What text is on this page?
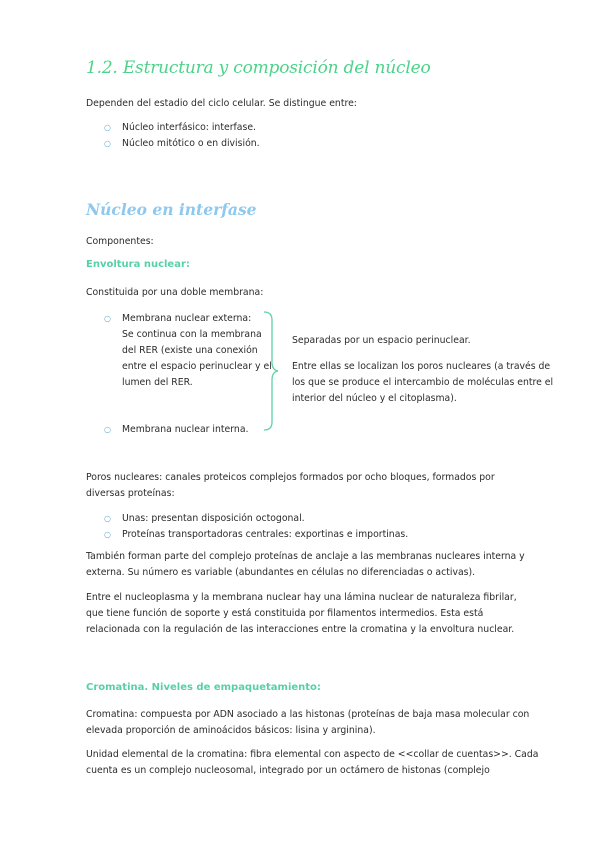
1.2. Estructura y composición del núcleo
Dependen del estadio del ciclo celular. Se distingue entre:
○ Núcleo interfásico: interfase.
○ Núcleo mitótico o en división.
Núcleo en interfase
Componentes:
Envoltura nuclear:
Constituida por una doble membrana:
○ Membrana nuclear externa:
Se continua con la membrana
del RER (existe una conexión
entre el espacio perinuclear y el
lumen del RER.
○ Membrana nuclear interna.
Separadas por un espacio perinuclear.
Entre ellas se localizan los poros nucleares (a través de
los que se produce el intercambio de moléculas entre el
interior del núcleo y el citoplasma).
Poros nucleares: canales proteicos complejos formados por ocho bloques, formados por
diversas proteínas:
○ Unas: presentan disposición octogonal.
○ Proteínas transportadoras centrales: exportinas e importinas.
También forman parte del complejo proteínas de anclaje a las membranas nucleares interna y
externa. Su número es variable (abundantes en células no diferenciadas o activas).
Entre el nucleoplasma y la membrana nuclear hay una lámina nuclear de naturaleza fibrilar,
que tiene función de soporte y está constituida por filamentos intermedios. Esta está
relacionada con la regulación de las interacciones entre la cromatina y la envoltura nuclear.
Cromatina. Niveles de empaquetamiento:
Cromatina: compuesta por ADN asociado a las histonas (proteínas de baja masa molecular con
elevada proporción de aminoácidos básicos: lisina y arginina).
Unidad elemental de la cromatina: fibra elemental con aspecto de <<collar de cuentas>>. Cada
cuenta es un complejo nucleosomal, integrado por un octámero de histonas (complejo
